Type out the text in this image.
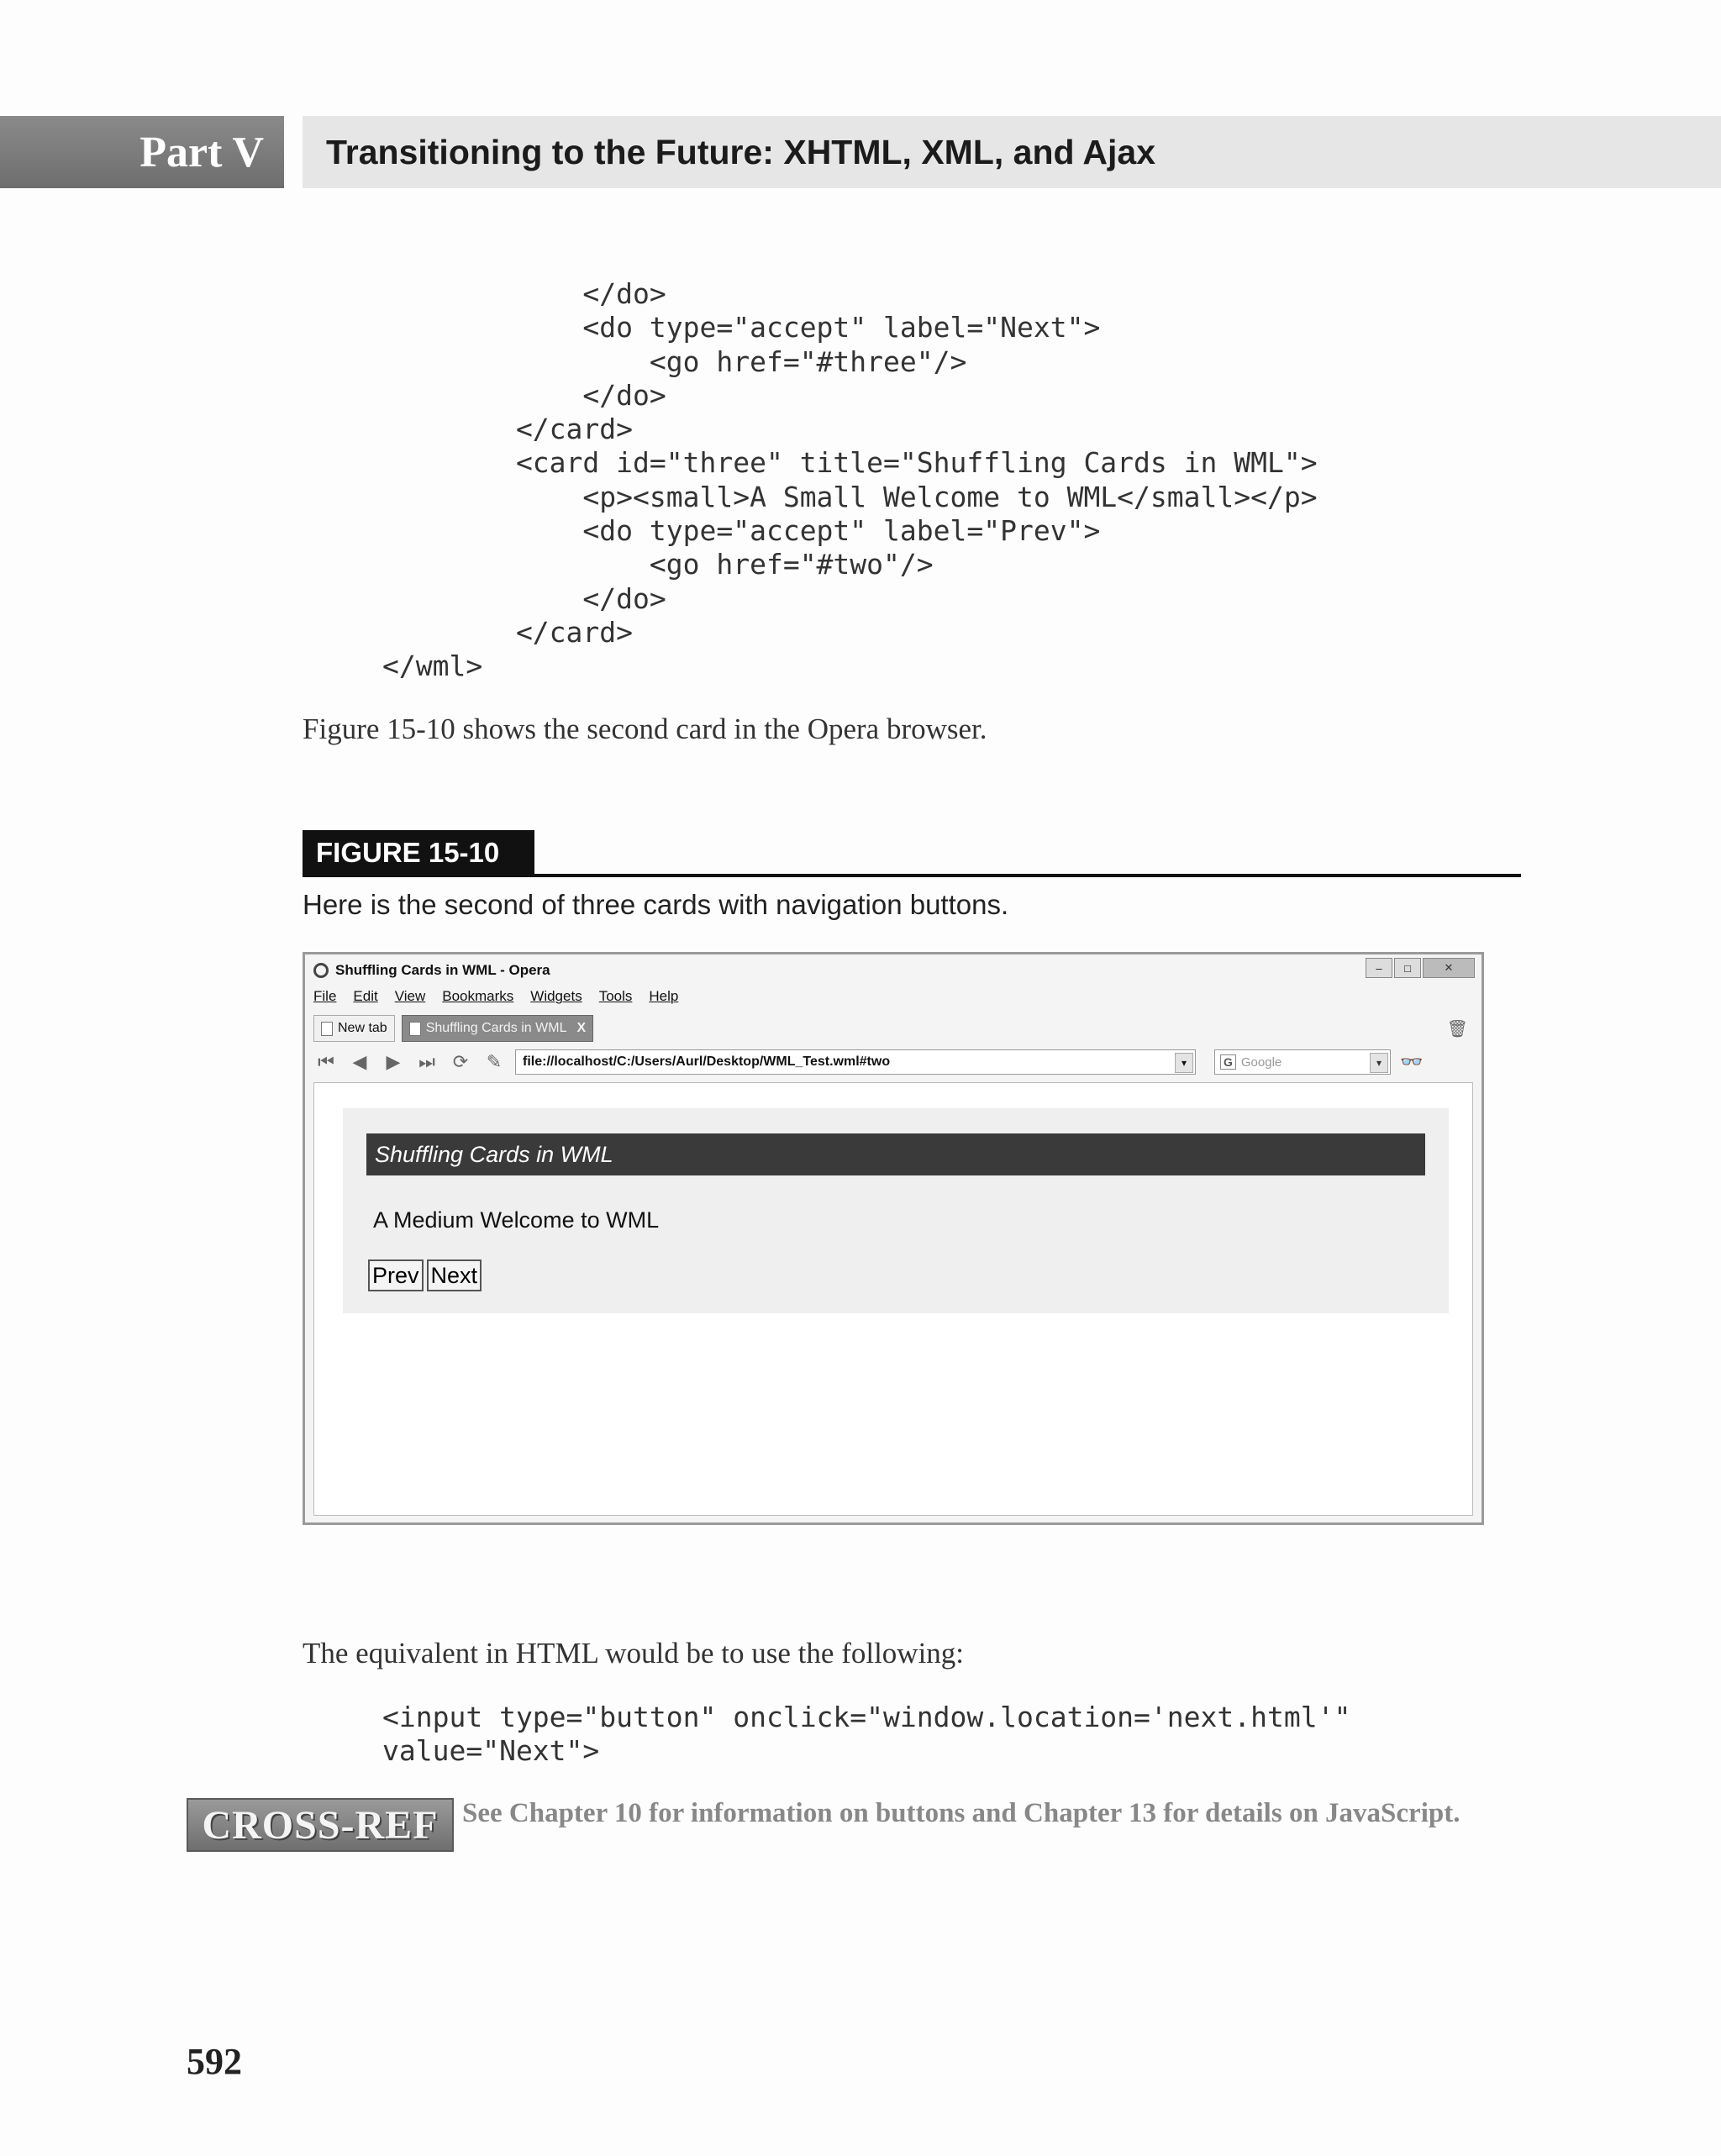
Part V	Transitioning to the Future: XHTML, XML, and Ajax
</do>
<do type="accept" label="Next">
<go href="#three"/>
</do>
</card>
<card id="three" title="Shuffling Cards in WML">
<p><small>A Small Welcome to WML</small></p>
<do type="accept" label="Prev">
<go href="#two"/>
</do>
</card>
</wml>
Figure 15-10 shows the second card in the Opera browser.
FIGURE 15-10
Here is the second of three cards with navigation buttons.
Shuffling Cards in WML - Opera	–	□	✕
File Edit View Bookmarks Widgets Tools Help
New tab	Shuffling Cards in WML X	🗑
⏮ ◀ ▶ ⏭ ⟳ ✎	file://localhost/C:/Users/Aurl/Desktop/WML_Test.wml#two	▾	G Google	▾	👓
Shuffling Cards in WML
A Medium Welcome to WML
Prev Next
The equivalent in HTML would be to use the following:
<input type="button" onclick="window.location='next.html'"
value="Next">
CROSS-REF See Chapter 10 for information on buttons and Chapter 13 for details on JavaScript.
592
